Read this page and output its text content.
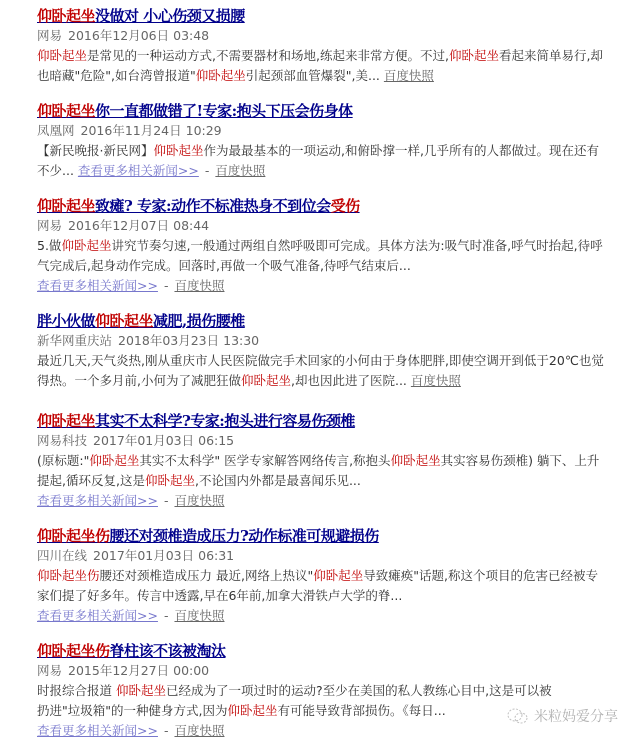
仰卧起坐没做对 小心伤颈又损腰
网易 2016年12月06日 03:48
仰卧起坐是常见的一种运动方式,不需要器材和场地,练起来非常方便。不过,仰卧起坐看起来简单易行,却也暗藏"危险",如台湾曾报道"仰卧起坐引起颈部血管爆裂",美... 百度快照
仰卧起坐你一直都做错了!专家:抱头下压会伤身体
凤凰网 2016年11月24日 10:29
【新民晚报·新民网】仰卧起坐作为最最基本的一项运动,和俯卧撑一样,几乎所有的人都做过。现在还有不少... 查看更多相关新闻>> - 百度快照
仰卧起坐致瘫? 专家:动作不标准热身不到位会受伤
网易 2016年12月07日 08:44
5.做仰卧起坐讲究节奏匀速,一般通过两组自然呼吸即可完成。具体方法为:吸气时准备,呼气时抬起,待呼气完成后,起身动作完成。回落时,再做一个吸气准备,待呼气结束后...
查看更多相关新闻>> - 百度快照
胖小伙做仰卧起坐减肥,损伤腰椎
新华网重庆站 2018年03月23日 13:30
最近几天,天气炎热,刚从重庆市人民医院做完手术回家的小何由于身体肥胖,即使空调开到低于20℃也觉得热。一个多月前,小何为了减肥狂做仰卧起坐,却也因此进了医院... 百度快照
仰卧起坐其实不太科学?专家:抱头进行容易伤颈椎
网易科技 2017年01月03日 06:15
(原标题:"仰卧起坐其实不太科学" 医学专家解答网络传言,称抱头仰卧起坐其实容易伤颈椎) 躺下、上升提起,循环反复,这是仰卧起坐,不论国内外都是最喜闻乐见...
查看更多相关新闻>> - 百度快照
仰卧起坐伤腰还对颈椎造成压力?动作标准可规避损伤
四川在线 2017年01月03日 06:31
仰卧起坐伤腰还对颈椎造成压力 最近,网络上热议"仰卧起坐导致瘫痪"话题,称这个项目的危害已经被专家们提了好多年。传言中透露,早在6年前,加拿大滑铁卢大学的脊...
查看更多相关新闻>> - 百度快照
仰卧起坐伤脊柱该不该被淘汰
网易 2015年12月27日 00:00
时报综合报道 仰卧起坐已经成为了一项过时的运动?至少在美国的私人教练心目中,这是可以被扔进"垃圾箱"的一种健身方式,因为仰卧起坐有可能导致背部损伤。《每日...
查看更多相关新闻>> - 百度快照
米粒妈爱分享
